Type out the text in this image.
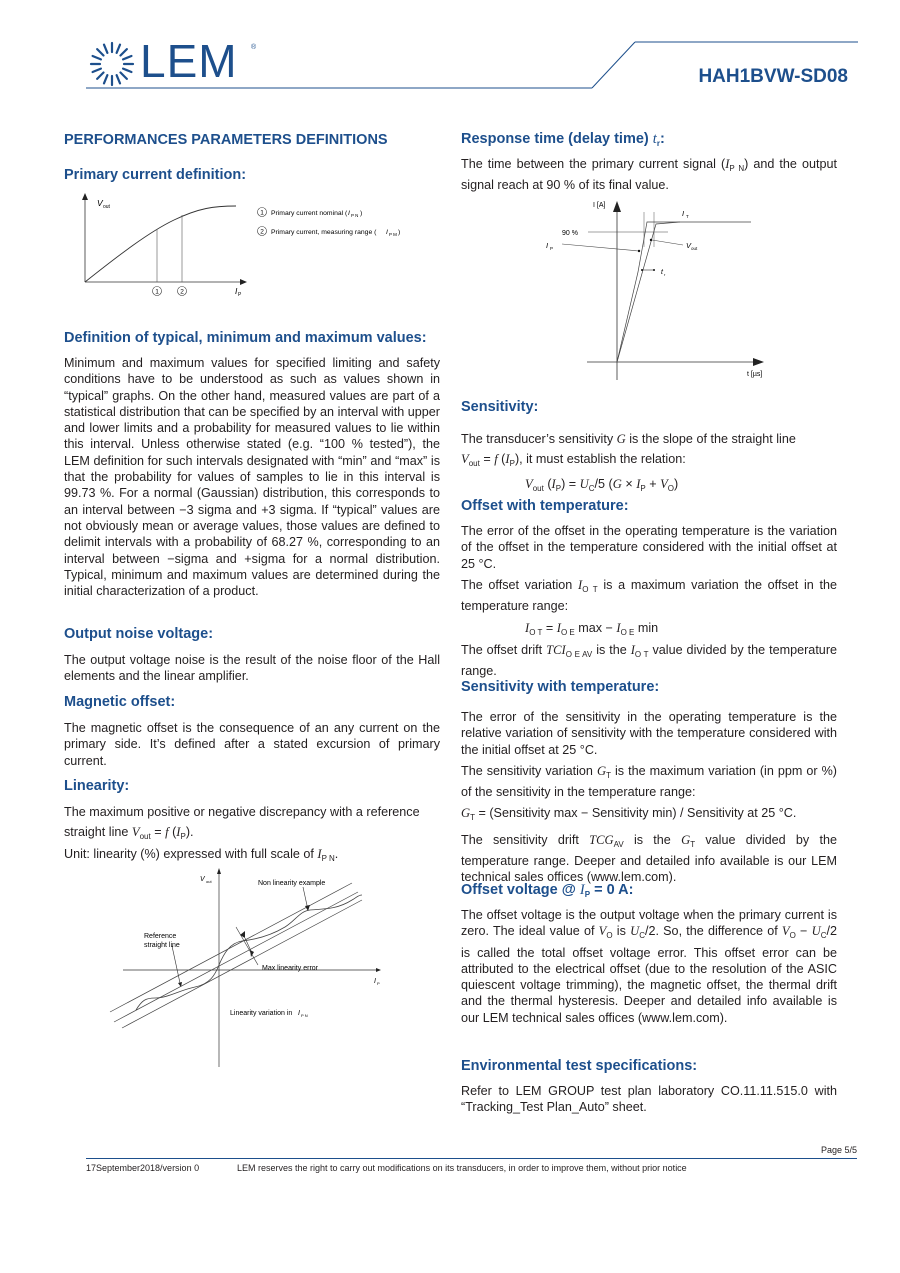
LEM ®
HAH1BVW-SD08
PERFORMANCES PARAMETERS DEFINITIONS
Primary current definition:
1	2
V out
I P
1 Primary current nominal ( I P N )
2 Primary current, measuring range ( I P M )
Definition of typical, minimum and maximum values:
Minimum and maximum values for specified limiting and safety conditions have to be understood as such as values shown in “typical” graphs. On the other hand, measured values are part of a statistical distribution that can be specified by an interval with upper and lower limits and a probability for measured values to lie within this interval. Unless otherwise stated (e.g. “100 % tested”), the LEM definition for such intervals designated with “min” and “max” is that the probability for values of samples to lie in this interval is 99.73 %. For a normal (Gaussian) distribution, this corresponds to an interval between −3 sigma and +3 sigma. If “typical” values are not obviously mean or average values, those values are defined to delimit intervals with a probability of 68.27 %, corresponding to an interval between −sigma and +sigma for a normal distribution. Typical, minimum and maximum values are determined during the initial characterization of a product.
Output noise voltage:
The output voltage noise is the result of the noise floor of the Hall elements and the linear amplifier.
Magnetic offset:
The magnetic offset is the consequence of an any current on the primary side. It’s defined after a stated excursion of primary current.
Linearity:
The maximum positive or negative discrepancy with a reference
straight line $V_{out} = f$ $(I_P)$.
Unit: linearity (%) expressed with full scale of $I_{P N}$.
V out
I P
Non linearity example
Reference
straight line
Max linearity error
Linearity variation in I P N
Response time (delay time) $t_r$:
The time between the primary current signal $(I_{P N})$ and the output signal reach at 90 % of its final value.
I [A]
90 %
I T
I P	V out
t r
t [µs]
Sensitivity:
The transducer’s sensitivity G is the slope of the straight line
$V_{out} = f$ $(I_P)$, it must establish the relation:
$V_{out}$ $(I_P) = U_C/5$ $(G \times I_P + V_O)$
Offset with temperature:
The error of the offset in the operating temperature is the variation of the offset in the temperature considered with the initial offset at 25 °C.
The offset variation $I_{O T}$ is a maximum variation the offset in the temperature range:
$I_{O T} = I_{O E}$ $\max - I_{O E}$ min
The offset drift $TCI_{O E AV}$ is the $I_{O T}$ value divided by the temperature range.
Sensitivity with temperature:
The error of the sensitivity in the operating temperature is the relative variation of sensitivity with the temperature considered with the initial offset at 25 °C.
The sensitivity variation $G_T$ is the maximum variation (in ppm or %) of the sensitivity in the temperature range:
$G_T$ = (Sensitivity max − Sensitivity min) / Sensitivity at 25 °C.
The sensitivity drift $TCG_{AV}$ is the $G_T$ value divided by the temperature range. Deeper and detailed info available is our LEM technical sales offices (www.lem.com).
Offset voltage @ $I_P = 0$ A:
The offset voltage is the output voltage when the primary current is zero. The ideal value of $V_O$ is $U_C/2$. So, the difference of $V_O - U_C/2$ is called the total offset voltage error. This offset error can be attributed to the electrical offset (due to the resolution of the ASIC quiescent voltage trimming), the magnetic offset, the thermal drift and the thermal hysteresis. Deeper and detailed info available is our LEM technical sales offices (www.lem.com).
Environmental test specifications:
Refer to LEM GROUP test plan laboratory CO.11.11.515.0 with “Tracking_Test Plan_Auto” sheet.
Page 5/5
17September2018/version 0	LEM reserves the right to carry out modifications on its transducers, in order to improve them, without prior notice
